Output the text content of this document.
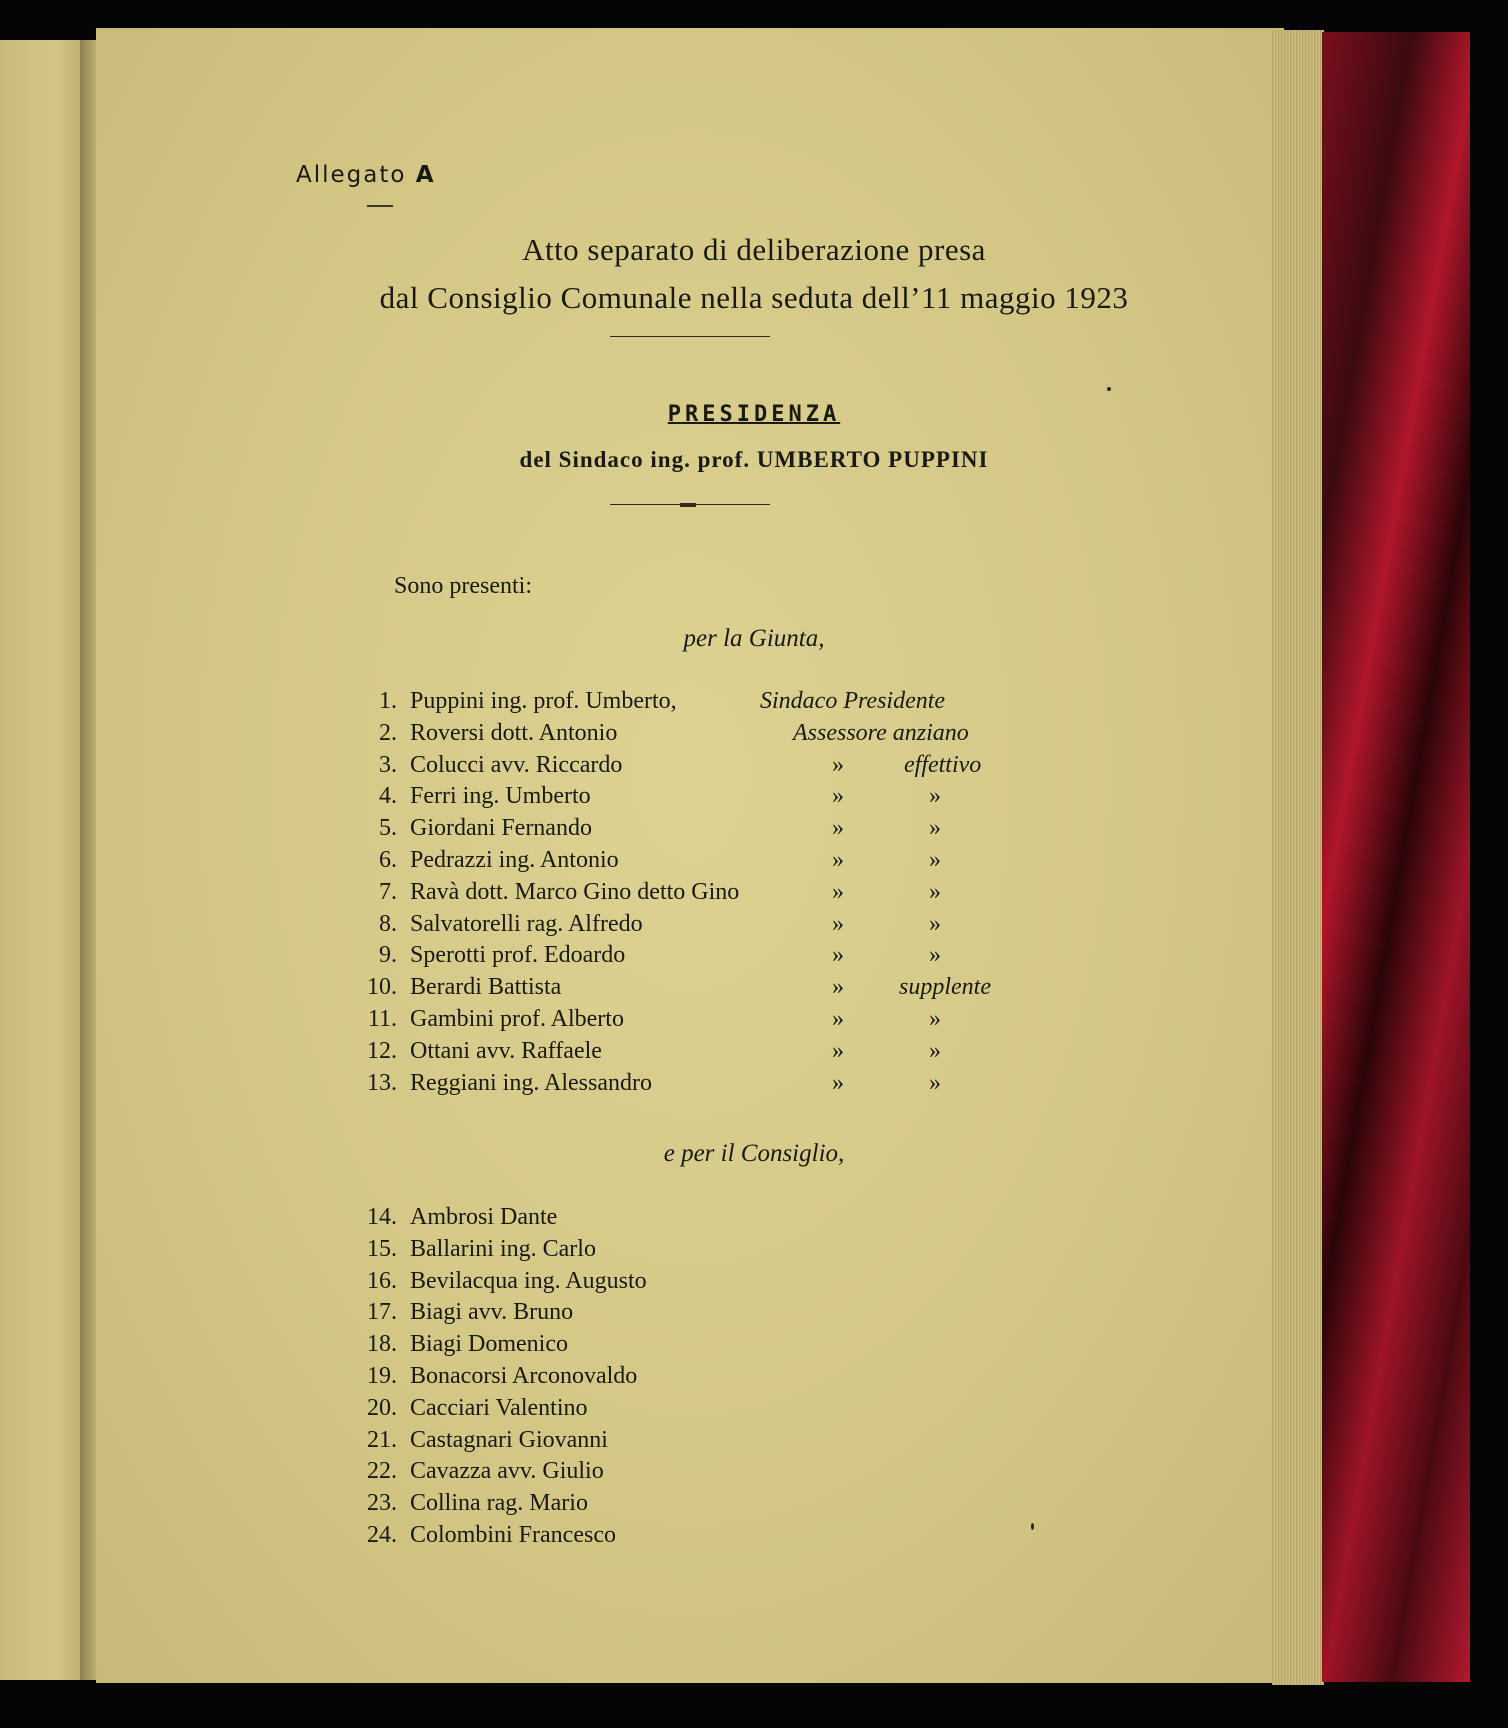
Allegato A

Atto separato di deliberazione presa

dal Consiglio Comunale nella seduta dell’11 maggio 1923

PRESIDENZA

del Sindaco ing. prof. UMBERTO PUPPINI

Sono presenti:

per la Giunta,

1. Puppini ing. prof. Umberto,	Sindaco Presidente
2. Roversi dott. Antonio	Assessore anziano
3. Colucci avv. Riccardo	»	effettivo
4. Ferri ing. Umberto	»	»
5. Giordani Fernando	»	»
6. Pedrazzi ing. Antonio	»	»
7. Ravà dott. Marco Gino detto Gino	»	»
8. Salvatorelli rag. Alfredo	»	»
9. Sperotti prof. Edoardo	»	»
10. Berardi Battista	» supplente
11. Gambini prof. Alberto	»	»
12. Ottani avv. Raffaele	»	»
13. Reggiani ing. Alessandro	»	»

e per il Consiglio,

14. Ambrosi Dante
15. Ballarini ing. Carlo
16. Bevilacqua ing. Augusto
17. Biagi avv. Bruno
18. Biagi Domenico
19. Bonacorsi Arconovaldo
20. Cacciari Valentino
21. Castagnari Giovanni
22. Cavazza avv. Giulio
23. Collina rag. Mario
24. Colombini Francesco
